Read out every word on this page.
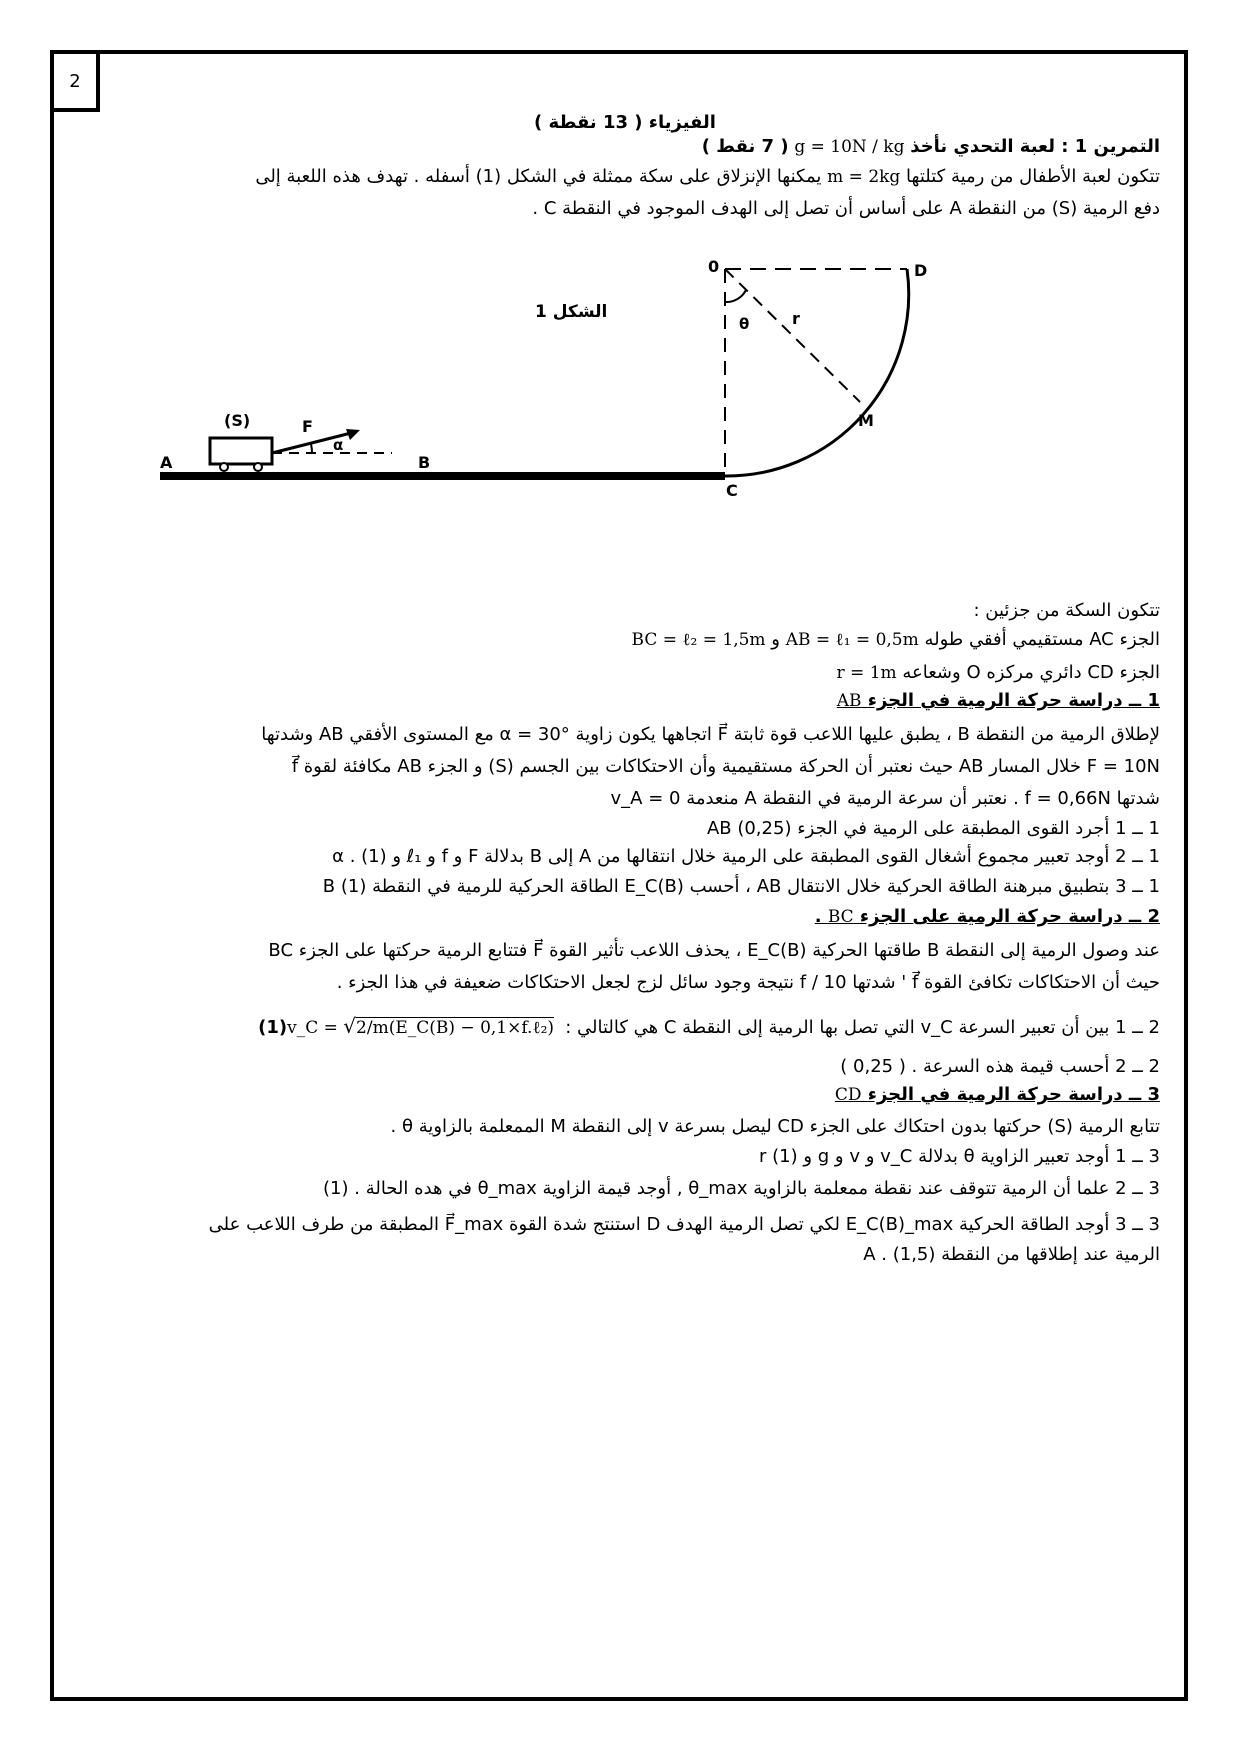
2
الفيزياء ( 13 نقطة )
التمرين 1 : لعبة التحدي نأخذ g = 10N / kg ( 7 نقط )
تتكون لعبة الأطفال من رمية كتلتها m = 2kg يمكنها الإنزلاق على سكة ممثلة في الشكل (1) أسفله . تهدف هذه اللعبة إلى
دفع الرمية (S) من النقطة A على أساس أن تصل إلى الهدف الموجود في النقطة C .
A	B
C
D
0
M
(S)	F
α
θ	r
الشكل 1
تتكون السكة من جزئين :
الجزء AC مستقيمي أفقي طوله AB = ℓ₁ = 0,5m و BC = ℓ₂ = 1,5m
الجزء CD دائري مركزه O وشعاعه r = 1m
1 ــ دراسة حركة الرمية في الجزء AB
لإطلاق الرمية من النقطة B ، يطبق عليها اللاعب قوة ثابتة F⃗ اتجاهها يكون زاوية α = 30° مع المستوى الأفقي AB وشدتها
F = 10N خلال المسار AB حيث نعتبر أن الحركة مستقيمية وأن الاحتكاكات بين الجسم (S) و الجزء AB مكافئة لقوة f⃗
شدتها f = 0,66N . نعتبر أن سرعة الرمية في النقطة A منعدمة v_A = 0
1 ــ 1 أجرد القوى المطبقة على الرمية في الجزء AB (0,25)
1 ــ 2 أوجد تعبير مجموع أشغال القوى المطبقة على الرمية خلال انتقالها من A إلى B بدلالة F و f و ℓ₁ و α . (1)
1 ــ 3 بتطبيق مبرهنة الطاقة الحركية خلال الانتقال AB ، أحسب E_C(B) الطاقة الحركية للرمية في النقطة B (1)
2 ــ دراسة حركة الرمية على الجزء BC .
عند وصول الرمية إلى النقطة B طاقتها الحركية E_C(B) ، يحذف اللاعب تأثير القوة F⃗ فتتابع الرمية حركتها على الجزء BC
حيث أن الاحتكاكات تكافئ القوة f⃗ ' شدتها f / 10 نتيجة وجود سائل لزج لجعل الاحتكاكات ضعيفة في هذا الجزء .
2 ــ 1 بين أن تعبير السرعة v_C التي تصل بها الرمية إلى النقطة C هي كالتالي : v_C = √2/m(E_C(B) − 0,1×f.ℓ₂) (1)
2 ــ 2 أحسب قيمة هذه السرعة . ( 0,25 )
3 ــ دراسة حركة الرمية في الجزء CD
تتابع الرمية (S) حركتها بدون احتكاك على الجزء CD ليصل بسرعة v إلى النقطة M الممعلمة بالزاوية θ .
3 ــ 1 أوجد تعبير الزاوية θ بدلالة v_C و v و g و r (1)
3 ــ 2 علما أن الرمية تتوقف عند نقطة ممعلمة بالزاوية θ_max , أوجد قيمة الزاوية θ_max في هده الحالة . (1)
3 ــ 3 أوجد الطاقة الحركية E_C(B)_max لكي تصل الرمية الهدف D استنتج شدة القوة F⃗_max المطبقة من طرف اللاعب على
الرمية عند إطلاقها من النقطة A . (1,5)
